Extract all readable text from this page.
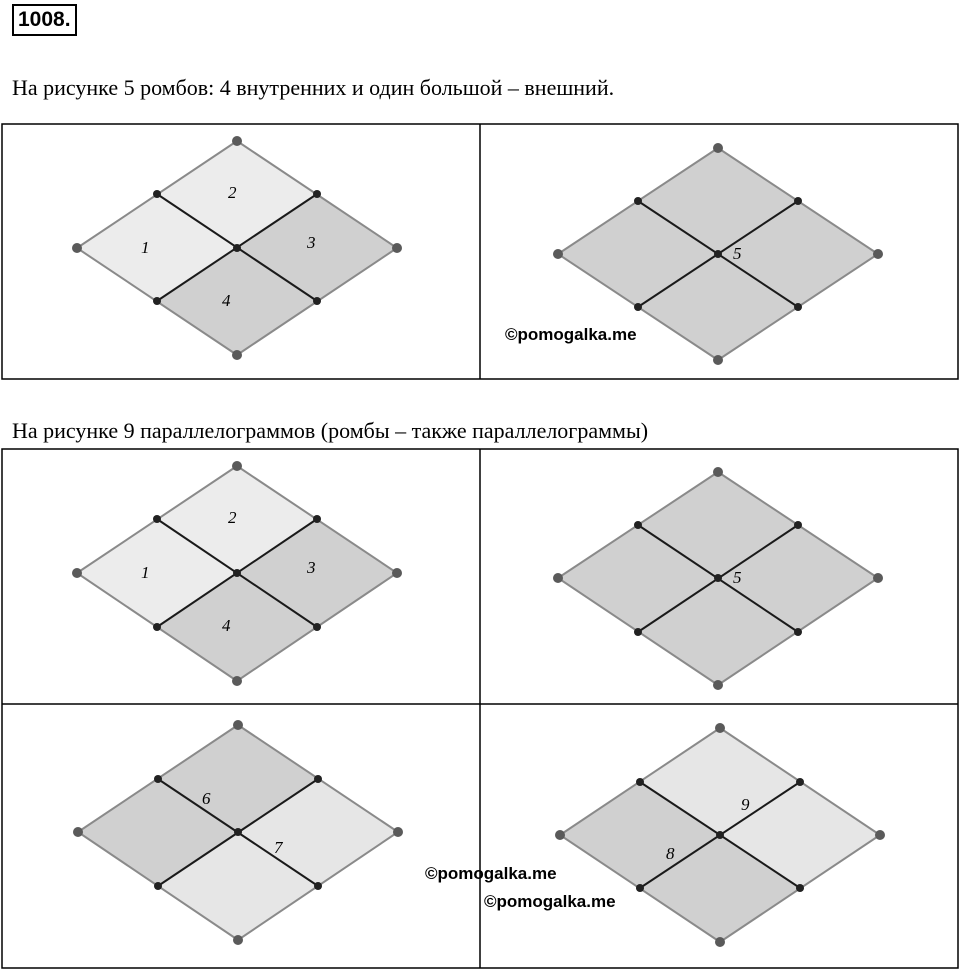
1008.
На рисунке 5 ромбов: 4 внутренних и один большой – внешний.
На рисунке 9 параллелограммов (ромбы – также параллелограммы)
1
2
3
4
5
1
2
3
4
5
6
7	8
9
©pomogalka.me
©pomogalka.me
©pomogalka.me
